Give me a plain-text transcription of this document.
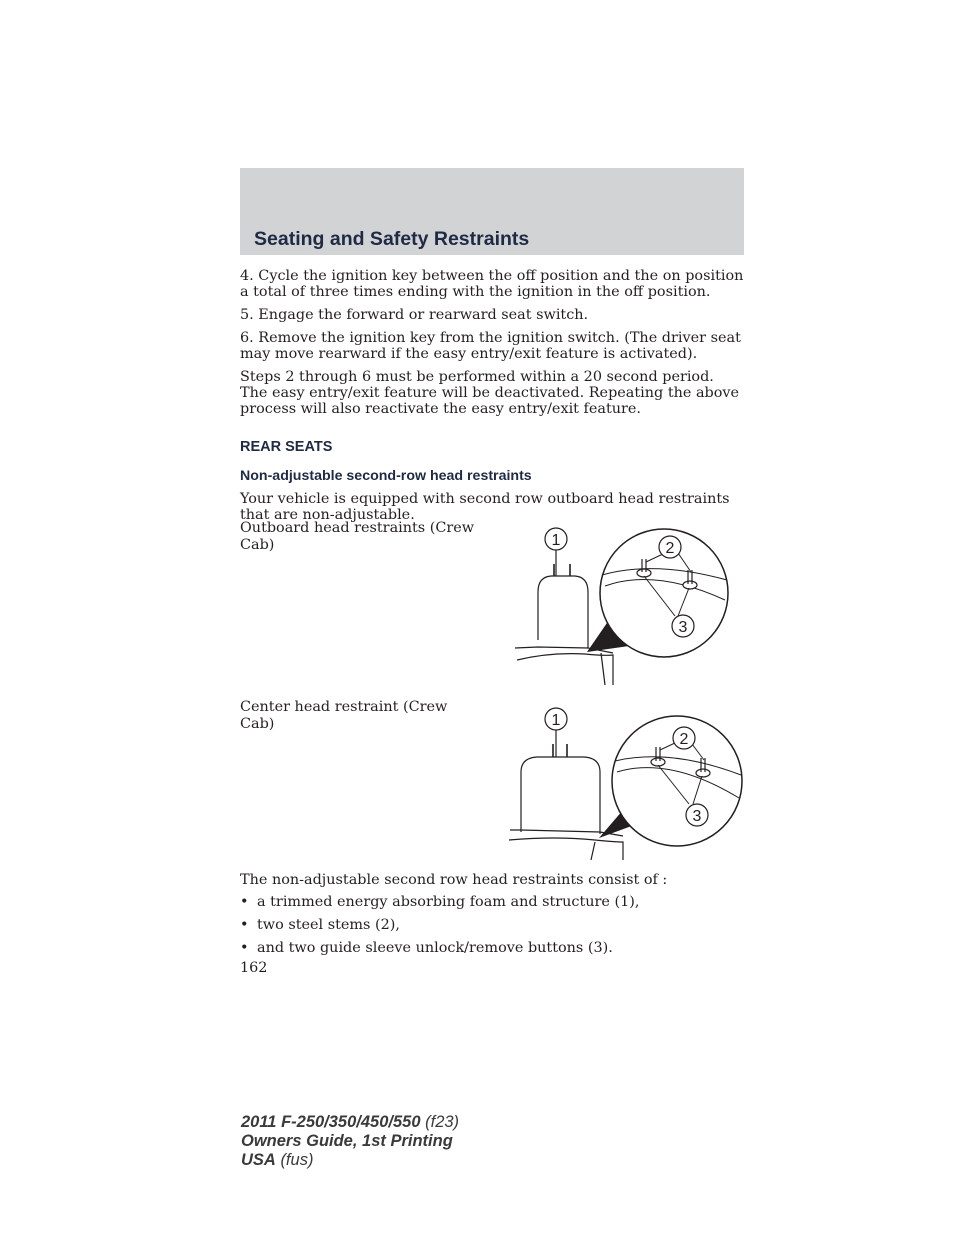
Seating and Safety Restraints

4. Cycle the ignition key between the off position and the on position a total of three times ending with the ignition in the off position.

5. Engage the forward or rearward seat switch.

6. Remove the ignition key from the ignition switch. (The driver seat may move rearward if the easy entry/exit feature is activated).

Steps 2 through 6 must be performed within a 20 second period. The easy entry/exit feature will be deactivated. Repeating the above process will also reactivate the easy entry/exit feature.

REAR SEATS

Non-adjustable second-row head restraints

Your vehicle is equipped with second row outboard head restraints that are non-adjustable.

Outboard head restraints (Crew Cab)	1	2
3
Center head restraint (Crew Cab)	1
2
3

The non-adjustable second row head restraints consist of :

• a trimmed energy absorbing foam and structure (1),
• two steel stems (2),
• and two guide sleeve unlock/remove buttons (3).
162
2011 F-250/350/450/550 (f23)
Owners Guide, 1st Printing
USA (fus)
